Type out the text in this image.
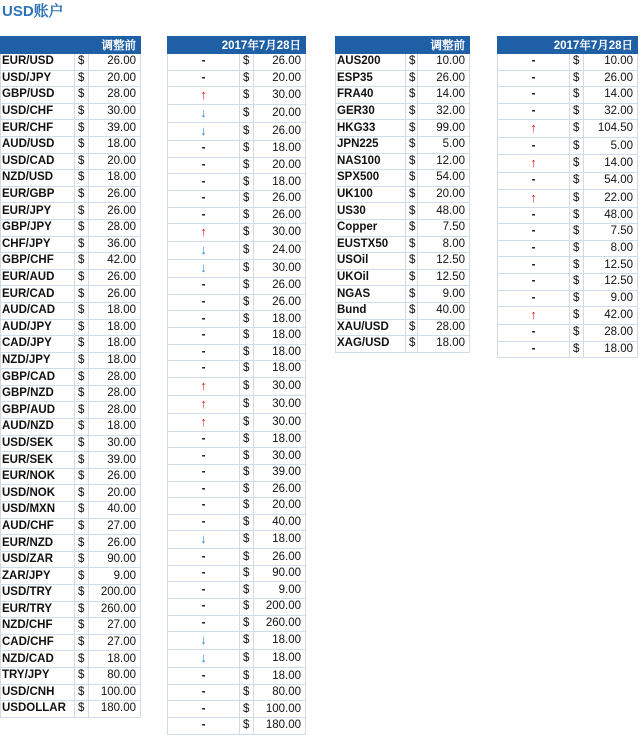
USD账户
调整前		
EUR/USD	$	26.00
USD/JPY	$	20.00
GBP/USD	$	28.00
USD/CHF	$	30.00
EUR/CHF	$	39.00
AUD/USD	$	18.00
USD/CAD	$	20.00
NZD/USD	$	18.00
EUR/GBP	$	26.00
EUR/JPY	$	26.00
GBP/JPY	$	28.00
CHF/JPY	$	36.00
GBP/CHF	$	42.00
EUR/AUD	$	26.00
EUR/CAD	$	26.00
AUD/CAD	$	18.00
AUD/JPY	$	18.00
CAD/JPY	$	18.00
NZD/JPY	$	18.00
GBP/CAD	$	28.00
GBP/NZD	$	28.00
GBP/AUD	$	28.00
AUD/NZD	$	18.00
USD/SEK	$	30.00
EUR/SEK	$	39.00
EUR/NOK	$	26.00
USD/NOK	$	20.00
USD/MXN	$	40.00
AUD/CHF	$	27.00
EUR/NZD	$	26.00
USD/ZAR	$	90.00
ZAR/JPY	$	9.00
USD/TRY	$	200.00
EUR/TRY	$	260.00
NZD/CHF	$	27.00
CAD/CHF	$	27.00
NZD/CAD	$	18.00
TRY/JPY	$	80.00
USD/CNH	$	100.00
USDOLLAR	$	180.00
2017年7月28日		
-	$	26.00
-	$	20.00
↑	$	30.00
↓	$	20.00
↓	$	26.00
-	$	18.00
-	$	20.00
-	$	18.00
-	$	26.00
-	$	26.00
↑	$	30.00
↓	$	24.00
↓	$	30.00
-	$	26.00
-	$	26.00
-	$	18.00
-	$	18.00
-	$	18.00
-	$	18.00
↑	$	30.00
↑	$	30.00
↑	$	30.00
-	$	18.00
-	$	30.00
-	$	39.00
-	$	26.00
-	$	20.00
-	$	40.00
↓	$	18.00
-	$	26.00
-	$	90.00
-	$	9.00
-	$	200.00
-	$	260.00
↓	$	18.00
↓	$	18.00
-	$	18.00
-	$	80.00
-	$	100.00
-	$	180.00
调整前		
AUS200	$	10.00
ESP35	$	26.00
FRA40	$	14.00
GER30	$	32.00
HKG33	$	99.00
JPN225	$	5.00
NAS100	$	12.00
SPX500	$	54.00
UK100	$	20.00
US30	$	48.00
Copper	$	7.50
EUSTX50	$	8.00
USOil	$	12.50
UKOil	$	12.50
NGAS	$	9.00
Bund	$	40.00
XAU/USD	$	28.00
XAG/USD	$	18.00
2017年7月28日		
-	$	10.00
-	$	26.00
-	$	14.00
-	$	32.00
↑	$	104.50
-	$	5.00
↑	$	14.00
-	$	54.00
↑	$	22.00
-	$	48.00
-	$	7.50
-	$	8.00
-	$	12.50
-	$	12.50
-	$	9.00
↑	$	42.00
-	$	28.00
-	$	18.00
